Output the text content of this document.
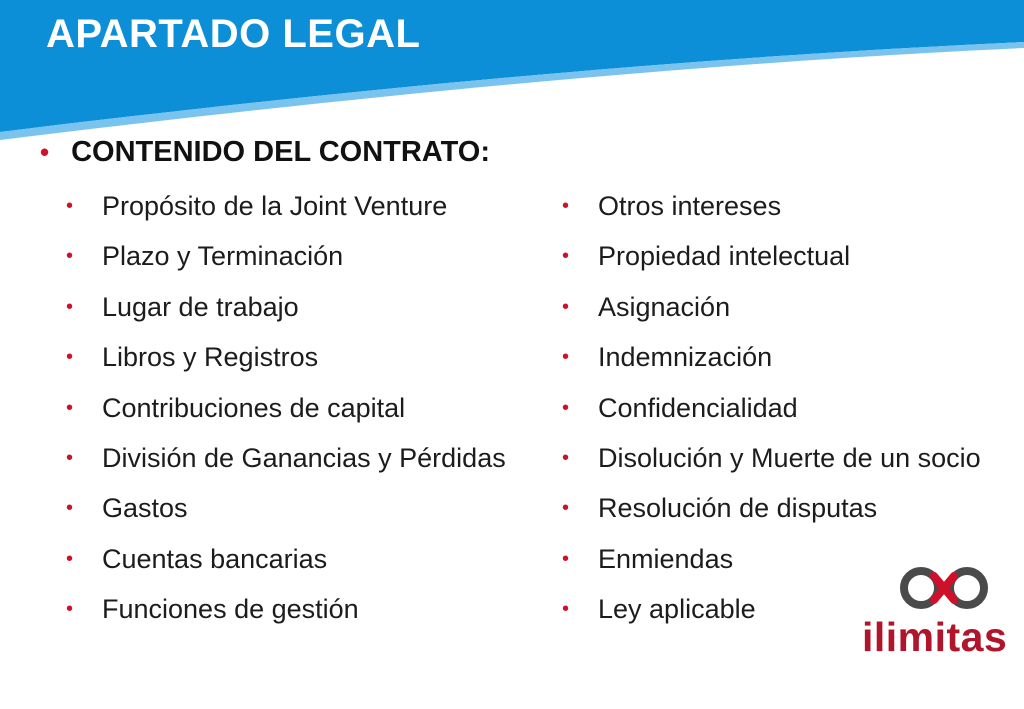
APARTADO LEGAL
• CONTENIDO DEL CONTRATO:
•	Propósito de la Joint Venture
•	Plazo y Terminación
•	Lugar de trabajo
•	Libros y Registros
•	Contribuciones de capital
•	División de Ganancias y Pérdidas
•	Gastos
•	Cuentas bancarias
•	Funciones de gestión
•	Otros intereses
•	Propiedad intelectual
•	Asignación
•	Indemnización
•	Confidencialidad
•	Disolución y Muerte de un socio
•	Resolución de disputas
•	Enmiendas
•	Ley aplicable
ilimitas
